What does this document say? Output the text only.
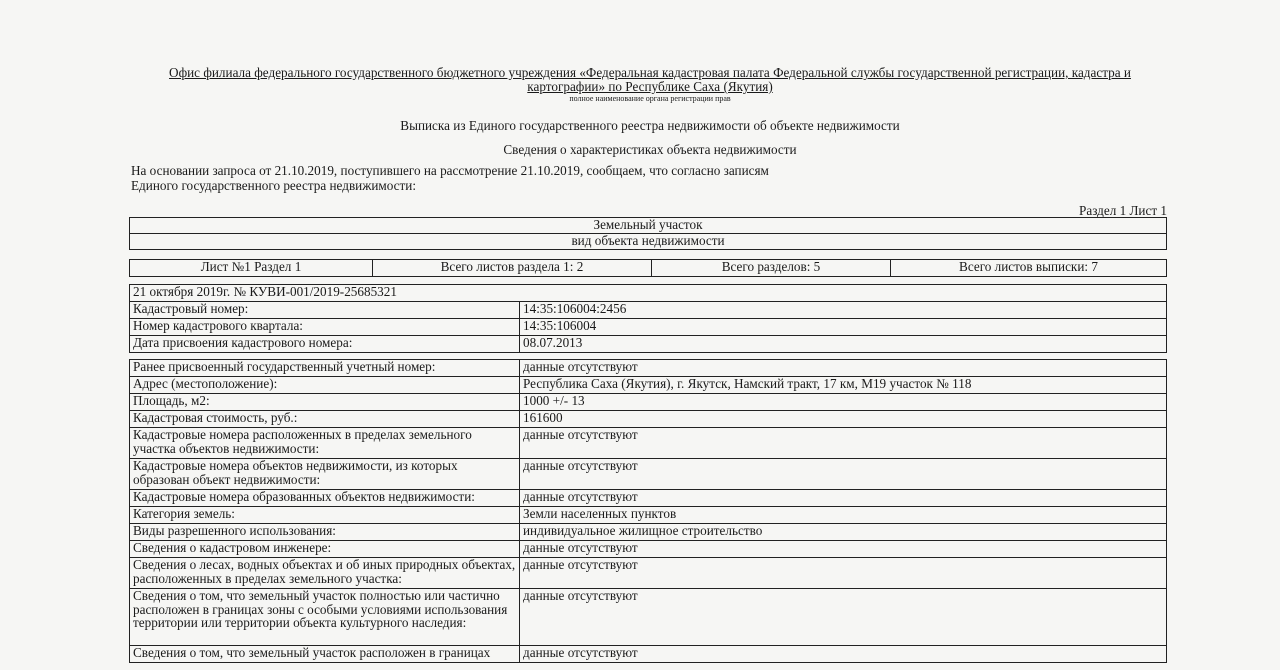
Офис филиала федерального государственного бюджетного учреждения «Федеральная кадастровая палата Федеральной службы государственной регистрации, кадастра и картографии» по Республике Саха (Якутия)
полное наименование органа регистрации прав
Выписка из Единого государственного реестра недвижимости об объекте недвижимости
Сведения о характеристиках объекта недвижимости
На основании запроса от 21.10.2019, поступившего на рассмотрение 21.10.2019, сообщаем, что согласно записям
Единого государственного реестра недвижимости:
Раздел 1 Лист 1
Земельный участок
вид объекта недвижимости
Лист №1 Раздел 1	Всего листов раздела 1: 2	Всего разделов: 5	Всего листов выписки: 7
21 октября 2019г. № КУВИ-001/2019-25685321	
Кадастровый номер:	14:35:106004:2456
Номер кадастрового квартала:	14:35:106004
Дата присвоения кадастрового номера:	08.07.2013
Ранее присвоенный государственный учетный номер:	данные отсутствуют
Адрес (местоположение):	Республика Саха (Якутия), г. Якутск, Намский тракт, 17 км, М19 участок № 118
Площадь, м2:	1000 +/- 13
Кадастровая стоимость, руб.:	161600
Кадастровые номера расположенных в пределах земельного участка объектов недвижимости:	данные отсутствуют
Кадастровые номера объектов недвижимости, из которых образован объект недвижимости:	данные отсутствуют
Кадастровые номера образованных объектов недвижимости:	данные отсутствуют
Категория земель:	Земли населенных пунктов
Виды разрешенного использования:	индивидуальное жилищное строительство
Сведения о кадастровом инженере:	данные отсутствуют
Сведения о лесах, водных объектах и об иных природных объектах, расположенных в пределах земельного участка:	данные отсутствуют
Сведения о том, что земельный участок полностью или частично расположен в границах зоны с особыми условиями использования территории или территории объекта культурного наследия:	данные отсутствуют
Сведения о том, что земельный участок расположен в границах	данные отсутствуют
